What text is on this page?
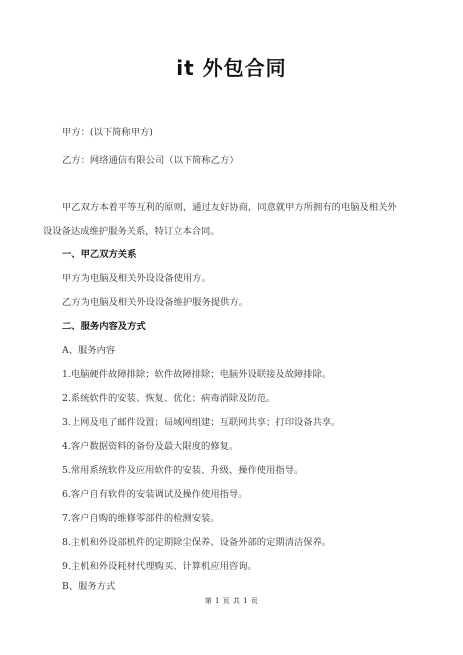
it 外包合同
甲方：(以下简称甲方)
乙方：网络通信有限公司（以下简称乙方）
甲乙双方本着平等互利的原则，通过友好协商，同意就甲方所拥有的电脑及相关外
设设备达成维护服务关系，特订立本合同。
一、甲乙双方关系
甲方为电脑及相关外设设备使用方。
乙方为电脑及相关外设设备维护服务提供方。
二、服务内容及方式
A、服务内容
1.电脑硬件故障排除；软件故障排除；电脑外设联接及故障排除。
2.系统软件的安装、恢复、优化；病毒消除及防范。
3.上网及电了邮件设置；局域网组建；互联网共享；打印设备共享。
4.客户数据资料的备份及最大限度的修复。
5.常用系统软件及应用软件的安装、升级、操作使用指导。
6.客户自有软件的安装调试及操作使用指导。
7.客户自购的维修零部件的检测安装。
8.主机和外设部机件的定期除尘保养、设备外部的定期清洁保养。
9.主机和外设耗材代理购买、计算机应用咨询。
B、服务方式
第 1 页 共 1 页
